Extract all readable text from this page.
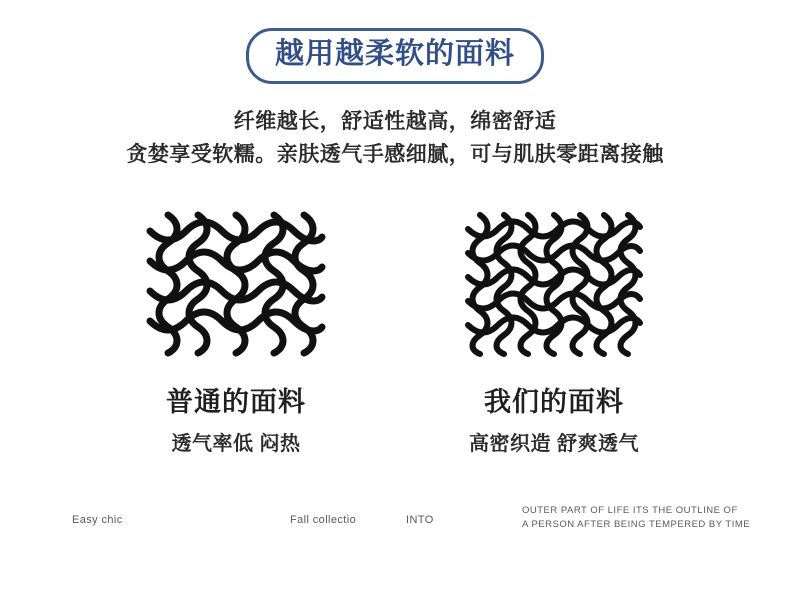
越用越柔软的面料
纤维越长，舒适性越高，绵密舒适
贪婪享受软糯。亲肤透气手感细腻，可与肌肤零距离接触
普通的面料
透气率低 闷热
我们的面料
高密织造 舒爽透气
Easy chic	Fall collectio	INTO
OUTER PART OF LIFE ITS THE OUTLINE OF
A PERSON AFTER BEING TEMPERED BY TIME
